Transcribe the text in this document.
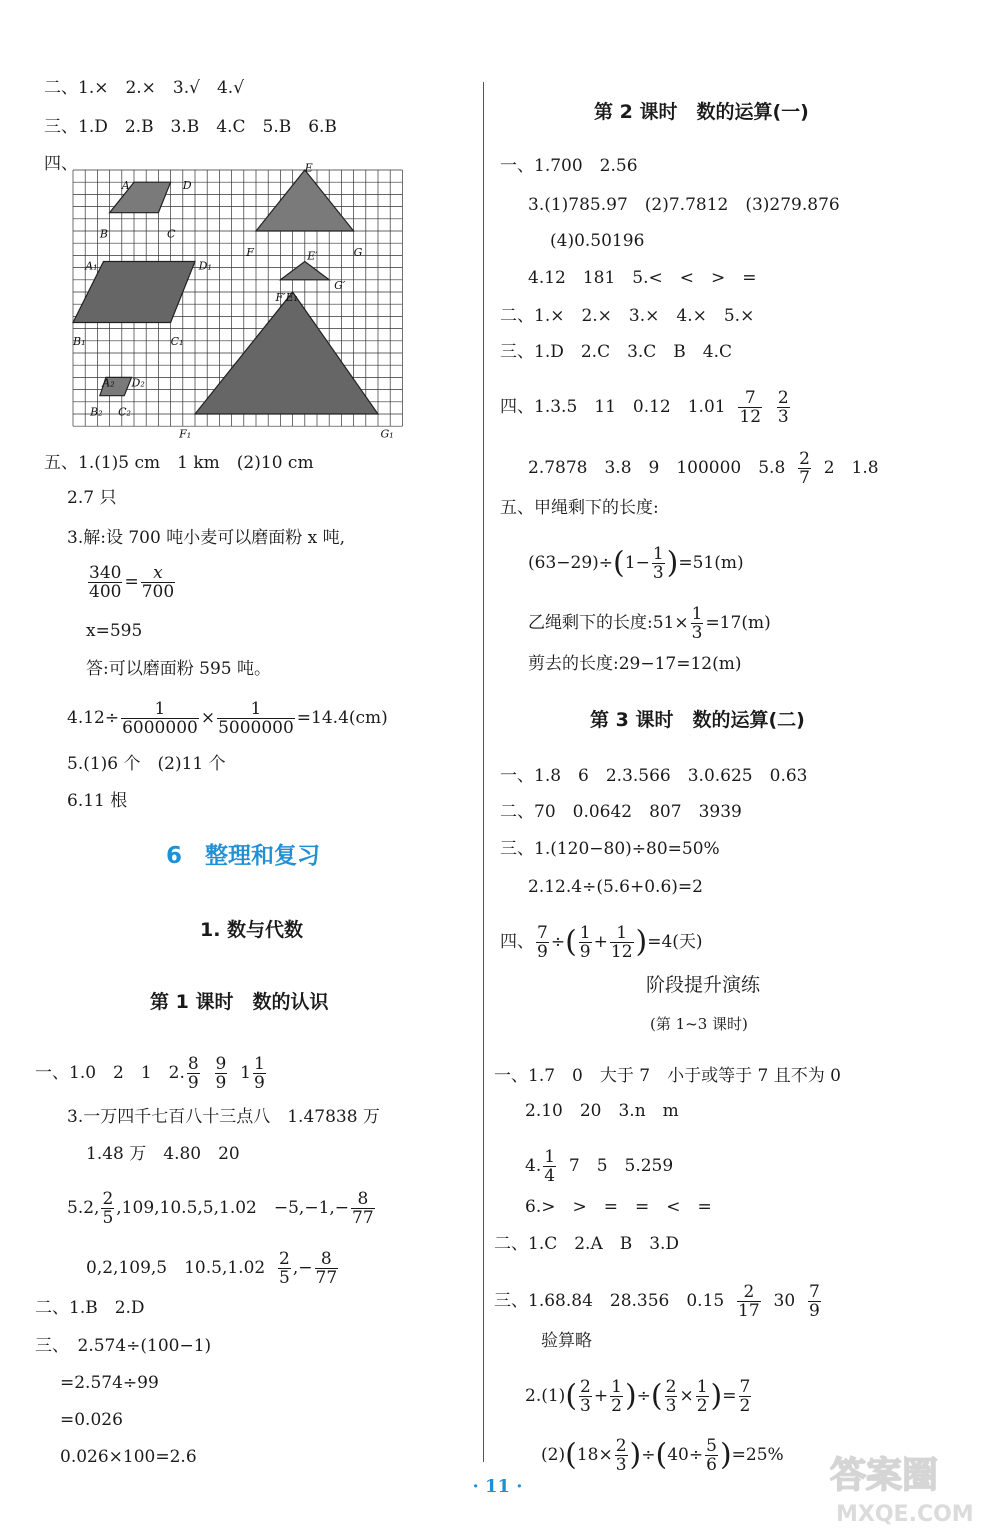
二、1.×　2.×　3.√　4.√
三、1.D　2.B　3.B　4.C　5.B　6.B
四、
A	D
B	C
E
F	G
A₁	D₁
B₁	C₁
E′
G′
F′E₁
A₂ D₂
B₂ C₂
F₁	G₁
五、1.(1)5 cm　1 km　(2)10 cm
2.7 只
3.解:设 700 吨小麦可以磨面粉 x 吨,
$\frac{340}{400} = \frac{x}{700}$
x=595
答:可以磨面粉 595 吨。
$4.12\div \frac{1}{6000000} \times \frac{1}{5000000} =14.4(cm)$
5.(1)6 个　(2)11 个
6.11 根
6　整理和复习
1. 数与代数
第 1 课时　数的认识
一、1.0　2　1　2. $\frac{8}{9}$
$\frac{9}{9} 1 \frac{1}{9}$
3.一万四千七百八十三点八　1.47838 万
1.48 万　4.80　20
5.2, $\frac{2}{5} ,109,10.5,5,1.02$　$-5,-1,- \frac{8}{77}$
0,2,109,5　$10.5,1.02 \frac{2}{5}$ ,− $\frac{8}{77}$
二、1.B　2.D
三、　2.574÷(100−1)
=2.574÷99
=0.026
0.026×100=2.6
第 2 课时　数的运算(一)
一、1.700　2.56
3.(1)785.97　(2)7.7812　(3)279.876
(4)0.50196
4.12　181　5.<　<　>　=
二、1.×　2.×　3.×　4.×　5.×
三、1.D　2.C　3.C　B　4.C
四、1.3.5　11　0.12　$1.01 \frac{7}{12}$
$\frac{2}{3}$
2.7878　3.8　9　100000　$5.8 \frac{2}{7} 2$　1.8
五、甲绳剩下的长度:
$(63-29)\div(1- \frac{1}{3} )=51(m)$
乙绳剩下的长度:51× $\frac{1}{3} =17(m)$
剪去的长度:29−17=12(m)
第 3 课时　数的运算(二)
一、1.8　6　2.3.566　3.0.625　0.63
二、70　0.0642　807　3939
三、1.(120−80)÷80=50%
2.12.4÷(5.6+0.6)=2
四、 $\frac{7}{9}$ ÷( $\frac{1}{9} + \frac{1}{12} )=4$(天)
阶段提升演练
(第 1~3 课时)
一、1.7　0　大于 7　小于或等于 7 且不为 0
2.10　20　3.n　m
4. $\frac{1}{4} 7$　5　5.259
6.>　>　=　=　<　=
二、1.C　2.A　B　3.D
三、1.68.84　28.356　$0.15 \frac{2}{17} 30 \frac{7}{9}$
验算略
$2.(1)( \frac{2}{3} + \frac{1}{2}$ )÷( $\frac{2}{3} \times \frac{1}{2}$ )= $\frac{7}{2}$
$(2)(18\times \frac{2}{3} )\div(40\div \frac{5}{6} )=25\%$
· 11 ·	答案圈
MXQE.COM
